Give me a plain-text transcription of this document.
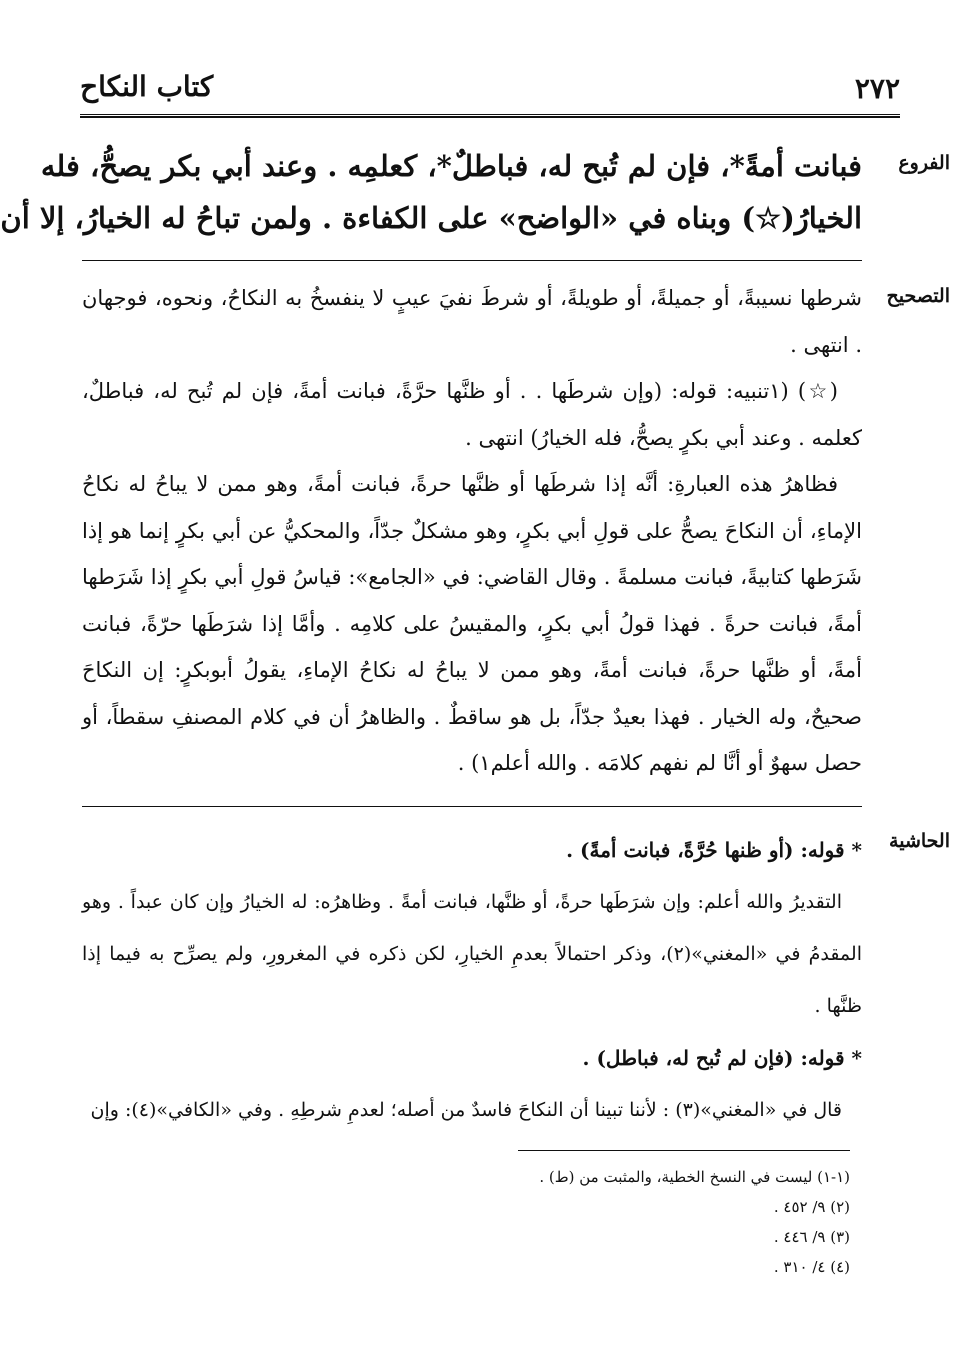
٢٧٢
كتاب النكاح
الفروع

فبانت أمةً*، فإن لم تُبح له، فباطلٌ*، كعلمِه . وعند أبي بكر يصحُّ، فله

الخيارُ(☆) وبناه في «الواضح» على الكفاءة . ولمن تباحُ له الخيارُ، إلا أن

التصحيح

شرطها نسيبةً، أو جميلةً، أو طويلةً، أو شرطَ نفيَ عيبٍ لا ينفسخُ به النكاحُ، ونحوه، فوجهان . انتهى .

(☆) (١تنبيه: قوله: (وإن شرطَها . . أو ظنَّها حرَّةً، فبانت أمةً، فإن لم تُبح له، فباطلٌ، كعلمه . وعند أبي بكرٍ يصحُّ، فله الخيارُ) انتهى .

فظاهرُ هذه العبارةِ: أنَّه إذا شرطَها أو ظنَّها حرةً، فبانت أمةً، وهو ممن لا يباحُ له نكاحُ الإماءِ، أن النكاحَ يصحُّ على قولِ أبي بكرٍ، وهو مشكلٌ جدّاً، والمحكيُّ عن أبي بكرٍ إنما هو إذا شَرَطها كتابيةً، فبانت مسلمةً . وقال القاضي: في «الجامع»: قياسُ قولِ أبي بكرٍ إذا شَرَطها أمةً، فبانت حرةً . فهذا قولُ أبي بكرٍ، والمقيسُ على كلامِه . وأمَّا إذا شرَطَها حرّةً، فبانت أمةً، أو ظنَّها حرةً، فبانت أمةً، وهو ممن لا يباحُ له نكاحُ الإماءِ، يقولُ أبوبكرٍ: إن النكاحَ صحيحٌ، وله الخيار . فهذا بعيدٌ جدّاً، بل هو ساقطٌ . والظاهرُ أن في كلام المصنفِ سقطاً، أو حصل سهوٌ أو أنَّا لم نفهم كلامَه . والله أعلم١) .

الحاشية

* قوله: (أو ظنها حُرَّةً، فبانت أمةً) .

التقديرُ والله أعلم: وإن شرَطَها حرةً، أو ظنَّها، فبانت أمةً . وظاهرُه: له الخيارُ وإن كان عبداً . وهو المقدمُ في «المغني»(٢)، وذكر احتمالاً بعدمِ الخيارِ، لكن ذكره في المغرورِ، ولم يصرِّح به فيما إذا ظنَّها .

* قوله: (فإن لم تُبح له، فباطل) .

قال في «المغني»(٣) : لأننا تبينا أن النكاحَ فاسدٌ من أصله؛ لعدمِ شرطِهِ . وفي «الكافي»(٤): وإن

(١-١) ليست في النسخ الخطية، والمثبت من (ط) .
(٢) ٩/ ٤٥٢ .
(٣) ٩/ ٤٤٦ .
(٤) ٤/ ٣١٠ .
